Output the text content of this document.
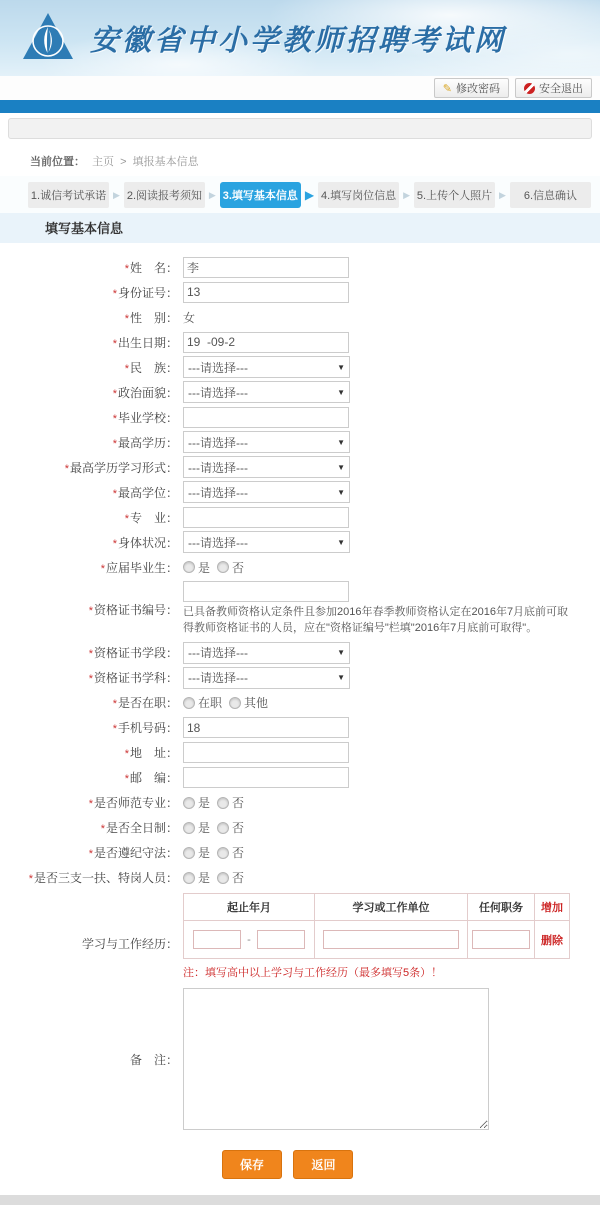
安徽省中小学教师招聘考试网
✎ 修改密码	安全退出
当前位置： 主页 > 填报基本信息
1.诚信考试承诺 ▶ 2.阅读报考须知 ▶ 3.填写基本信息 ▶ 4.填写岗位信息 ▶ 5.上传个人照片 ▶	6.信息确认
填写基本信息
*姓　名：
李
*身份证号：
13
*性　别： 女
*出生日期：
19 -09-2
*民　族： ---请选择---	▼
*政治面貌： ---请选择---	▼
*毕业学校：
*最高学历： ---请选择---	▼
*最高学历学习形式： ---请选择---	▼
*最高学位： ---请选择---	▼
*专　业：
*身体状况： ---请选择---	▼
*应届毕业生： 是 否
*资格证书编号： 已具备教师资格认定条件且参加2016年春季教师资格认定在2016年7月底前可取得教师资格证书的人员，应在"资格证编号"栏填"2016年7月底前可取得"。
*资格证书学段： ---请选择---	▼
*资格证书学科： ---请选择---	▼
*是否在职： 在职 其他
*手机号码：
18
*地　址：
*邮　编：
*是否师范专业： 是 否
*是否全日制： 是 否
*是否遵纪守法： 是 否
*是否三支一扶、特岗人员： 是 否
学习与工作经历：
起止年月	学习或工作单位	任何职务	增加
-			删除
注：填写高中以上学习与工作经历（最多填写5条）！
备　注：
保存	返回
